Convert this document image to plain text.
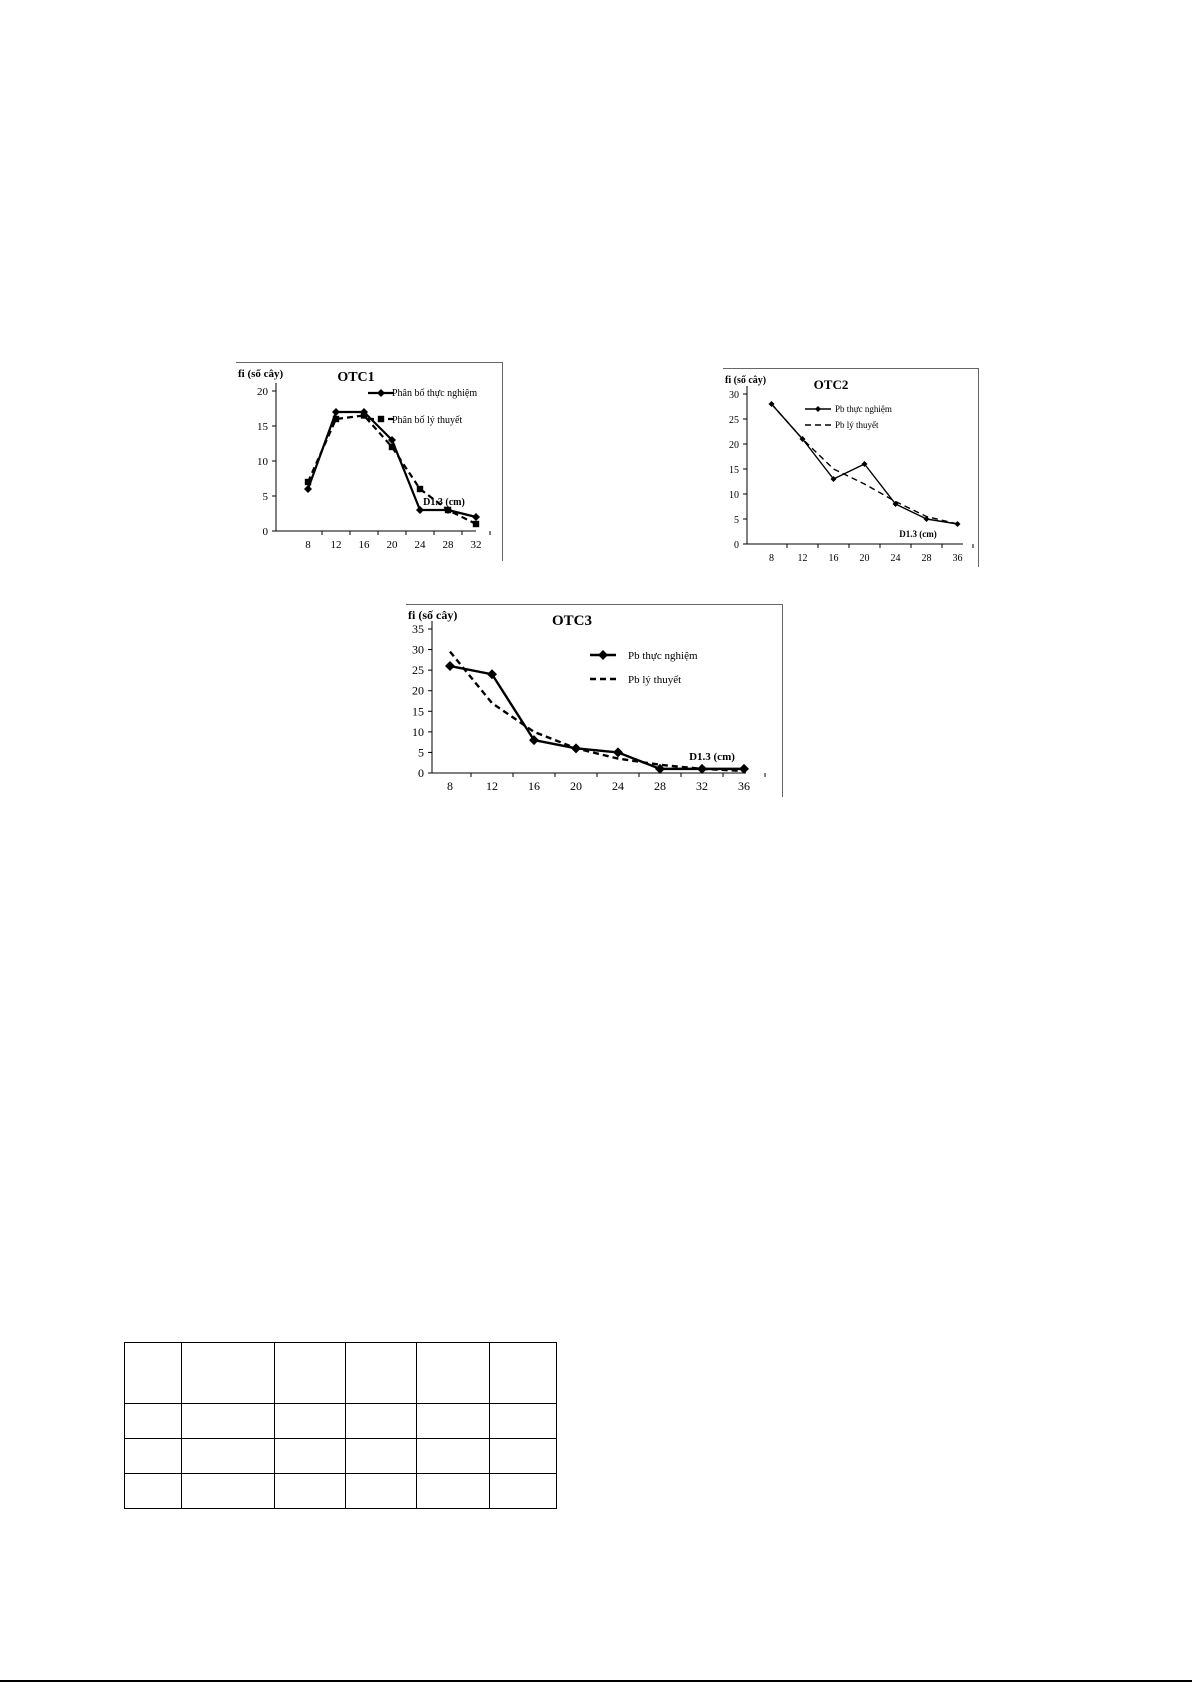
0
5
10
15
20
8 12 16 20 24 28 32
Phân bố thực nghiệm
Phân bố lý thuyết
OTC1
fi (số cây)
D1.3 (cm)
0
5
10
15
20
25
30
8 12 16 20 24 28 36
Pb thực nghiệm
Pb lý thuyết
OTC2
fi (số cây)
D1.3 (cm)
0
5
10
15
20
25
30
35
8	12	16	20	24	28	32	36
Pb thực nghiệm
Pb lý thuyết
OTC3
fi (số cây)
D1.3 (cm)
